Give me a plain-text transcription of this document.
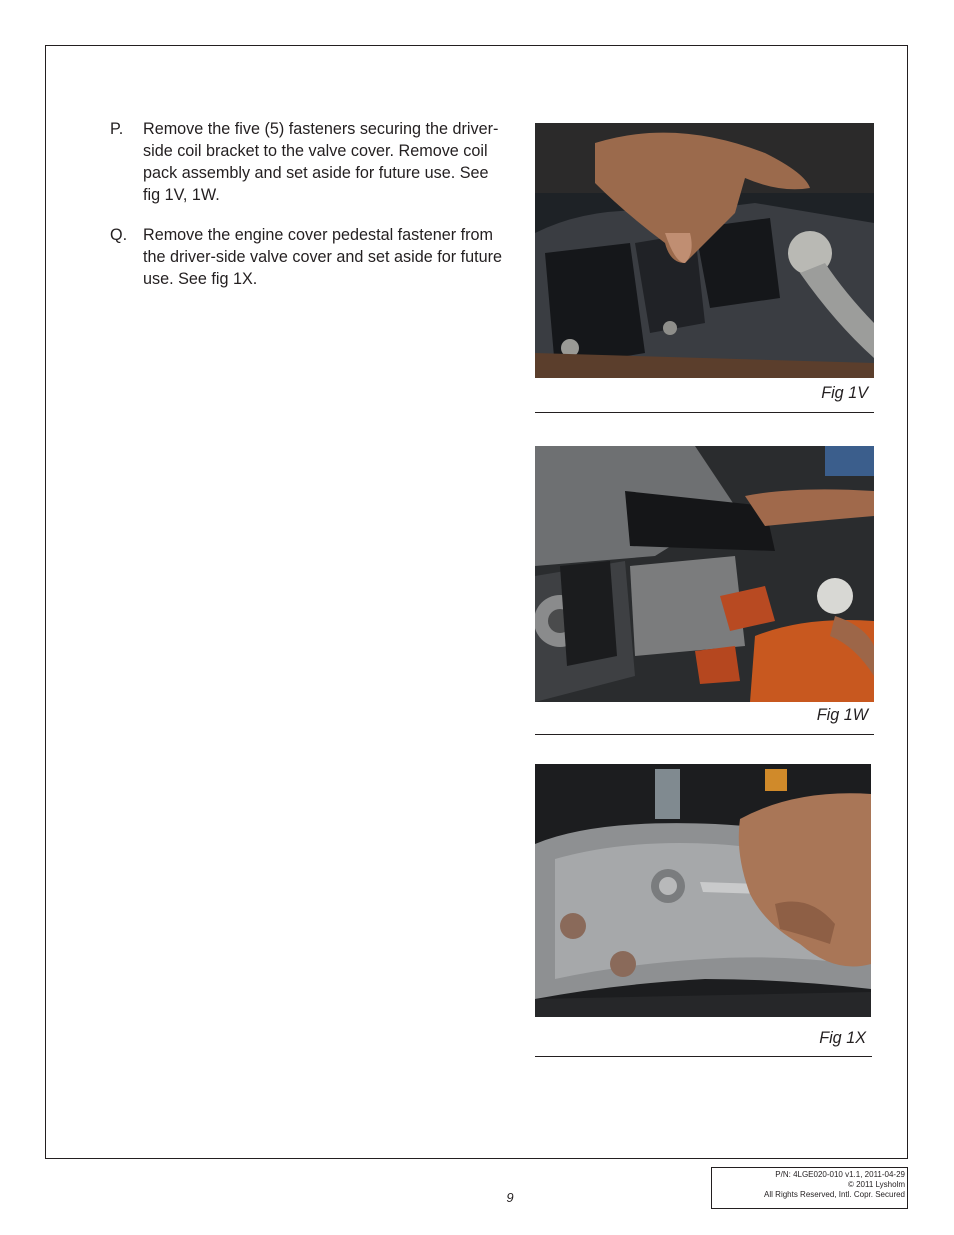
P. Remove the five (5) fasteners securing the driver-side coil bracket to the valve cover. Remove coil pack assembly and set aside for future use. See fig 1V, 1W.
Q. Remove the engine cover pedestal fastener from the driver-side valve cover and set aside for future use. See fig 1X.
Fig 1V
Fig 1W
Fig 1X
9
P/N: 4LGE020-010 v1.1, 2011-04-29
© 2011 Lysholm
All Rights Reserved, Intl. Copr. Secured
